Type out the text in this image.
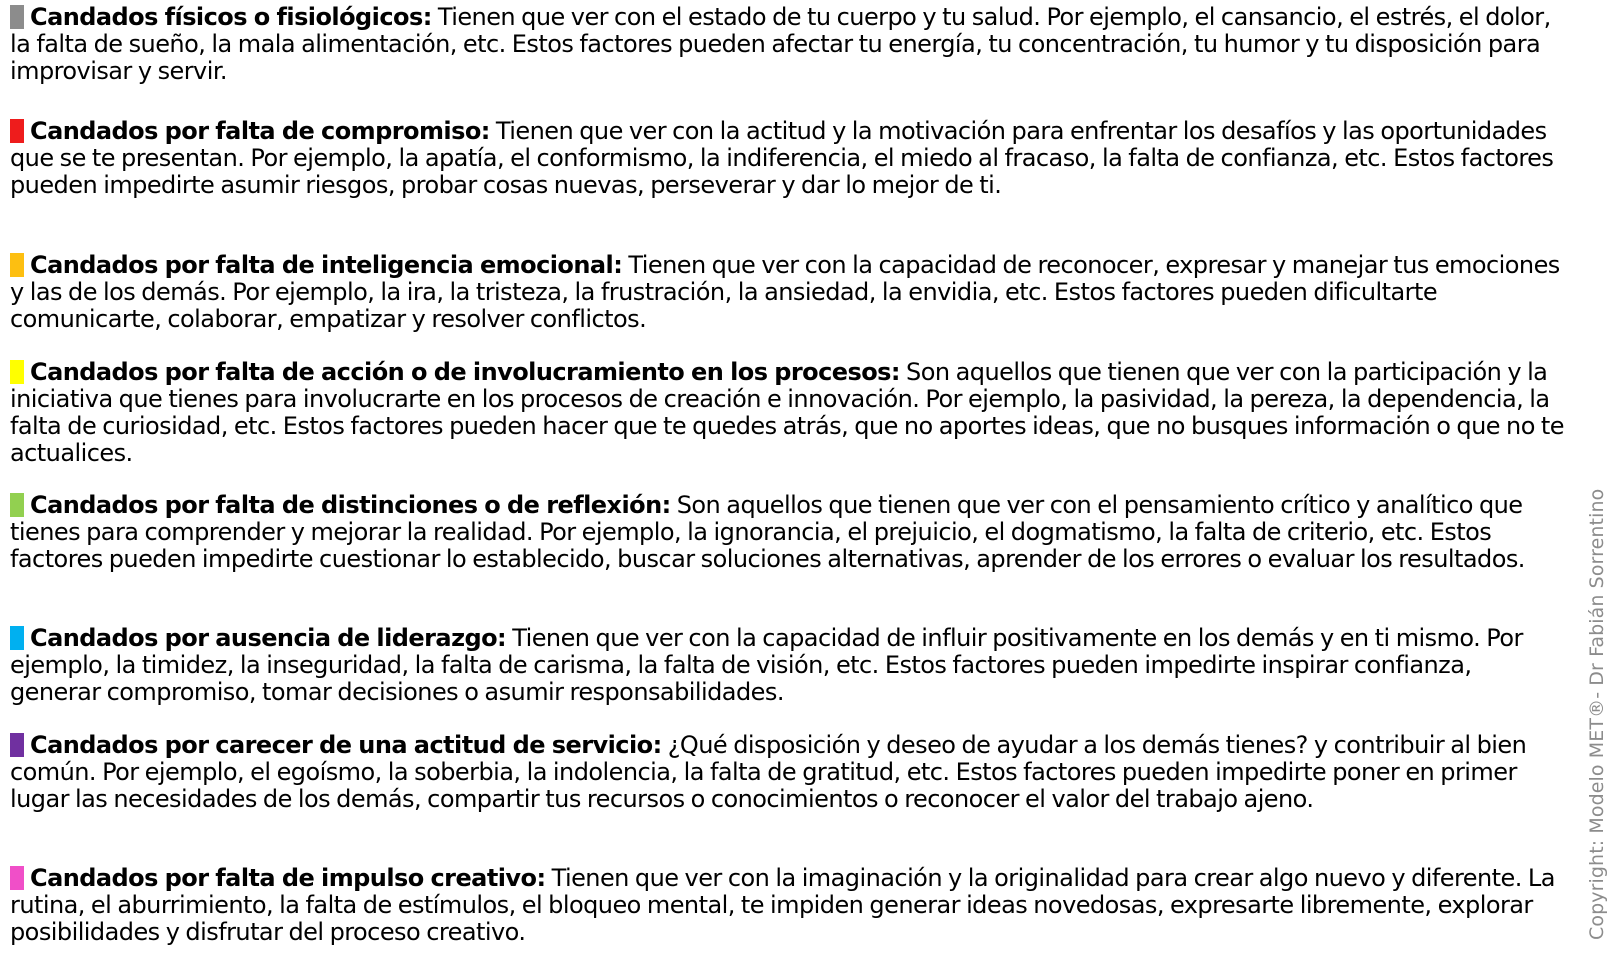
Candados físicos o fisiológicos: Tienen que ver con el estado de tu cuerpo y tu salud. Por ejemplo, el cansancio, el estrés, el dolor, la falta de sueño, la mala alimentación, etc. Estos factores pueden afectar tu energía, tu concentración, tu humor y tu disposición para improvisar y servir.

Candados por falta de compromiso: Tienen que ver con la actitud y la motivación para enfrentar los desafíos y las oportunidades que se te presentan. Por ejemplo, la apatía, el conformismo, la indiferencia, el miedo al fracaso, la falta de confianza, etc. Estos factores pueden impedirte asumir riesgos, probar cosas nuevas, perseverar y dar lo mejor de ti.

Candados por falta de inteligencia emocional: Tienen que ver con la capacidad de reconocer, expresar y manejar tus emociones y las de los demás. Por ejemplo, la ira, la tristeza, la frustración, la ansiedad, la envidia, etc. Estos factores pueden dificultarte comunicarte, colaborar, empatizar y resolver conflictos.

Candados por falta de acción o de involucramiento en los procesos: Son aquellos que tienen que ver con la participación y la iniciativa que tienes para involucrarte en los procesos de creación e innovación. Por ejemplo, la pasividad, la pereza, la dependencia, la falta de curiosidad, etc. Estos factores pueden hacer que te quedes atrás, que no aportes ideas, que no busques información o que no te actualices.

Candados por falta de distinciones o de reflexión: Son aquellos que tienen que ver con el pensamiento crítico y analítico que tienes para comprender y mejorar la realidad. Por ejemplo, la ignorancia, el prejuicio, el dogmatismo, la falta de criterio, etc. Estos factores pueden impedirte cuestionar lo establecido, buscar soluciones alternativas, aprender de los errores o evaluar los resultados.

Candados por ausencia de liderazgo: Tienen que ver con la capacidad de influir positivamente en los demás y en ti mismo. Por ejemplo, la timidez, la inseguridad, la falta de carisma, la falta de visión, etc. Estos factores pueden impedirte inspirar confianza, generar compromiso, tomar decisiones o asumir responsabilidades.

Candados por carecer de una actitud de servicio: ¿Qué disposición y deseo de ayudar a los demás tienes? y contribuir al bien común. Por ejemplo, el egoísmo, la soberbia, la indolencia, la falta de gratitud, etc. Estos factores pueden impedirte poner en primer lugar las necesidades de los demás, compartir tus recursos o conocimientos o reconocer el valor del trabajo ajeno.

Candados por falta de impulso creativo: Tienen que ver con la imaginación y la originalidad para crear algo nuevo y diferente. La rutina, el aburrimiento, la falta de estímulos, el bloqueo mental, te impiden generar ideas novedosas, expresarte libremente, explorar posibilidades y disfrutar del proceso creativo.	Copyright: Modelo MET®- Dr Fabián Sorrentino
